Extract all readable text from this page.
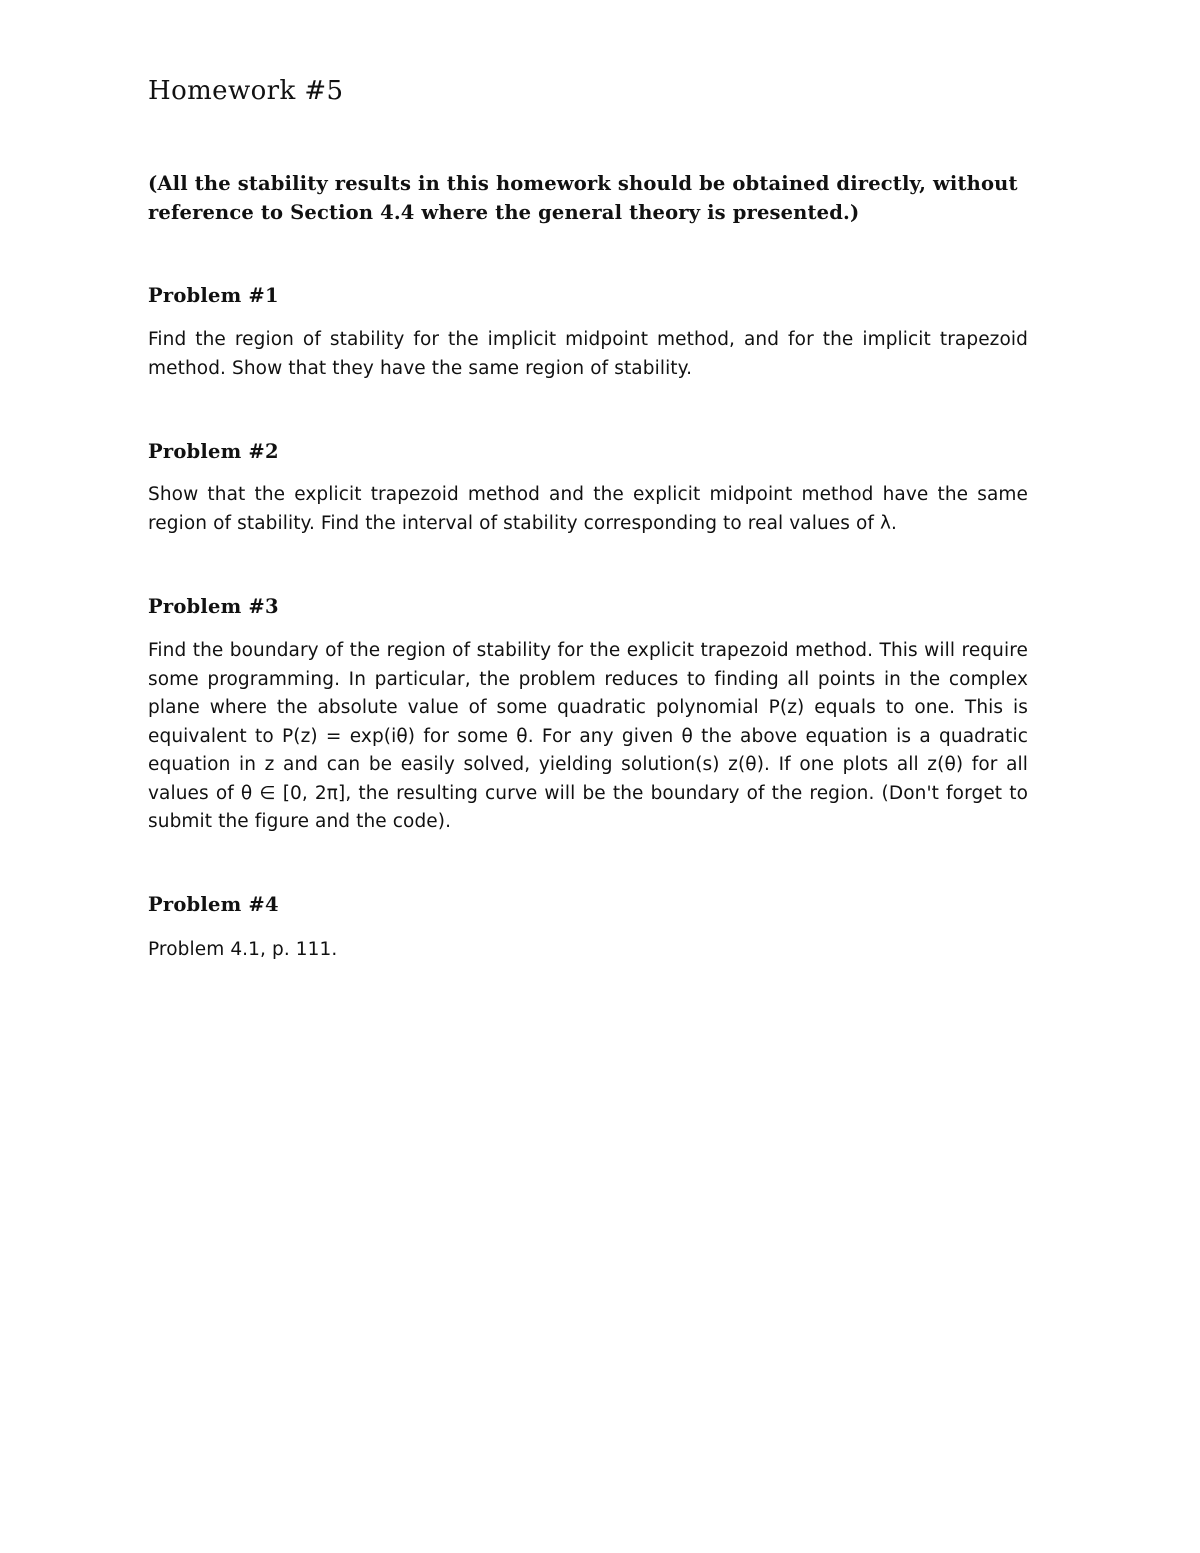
Homework #5

(All the stability results in this homework should be obtained directly, without reference to Section 4.4 where the general theory is presented.)

Problem #1

Find the region of stability for the implicit midpoint method, and for the implicit trapezoid method. Show that they have the same region of stability.

Problem #2

Show that the explicit trapezoid method and the explicit midpoint method have the same region of stability. Find the interval of stability corresponding to real values of λ.

Problem #3

Find the boundary of the region of stability for the explicit trapezoid method. This will require some programming. In particular, the problem reduces to finding all points in the complex plane where the absolute value of some quadratic polynomial P(z) equals to one. This is equivalent to P(z) = exp(iθ) for some θ. For any given θ the above equation is a quadratic equation in z and can be easily solved, yielding solution(s) z(θ). If one plots all z(θ) for all values of θ ∈ [0, 2π], the resulting curve will be the boundary of the region. (Don't forget to submit the figure and the code).

Problem #4

Problem 4.1, p. 111.
